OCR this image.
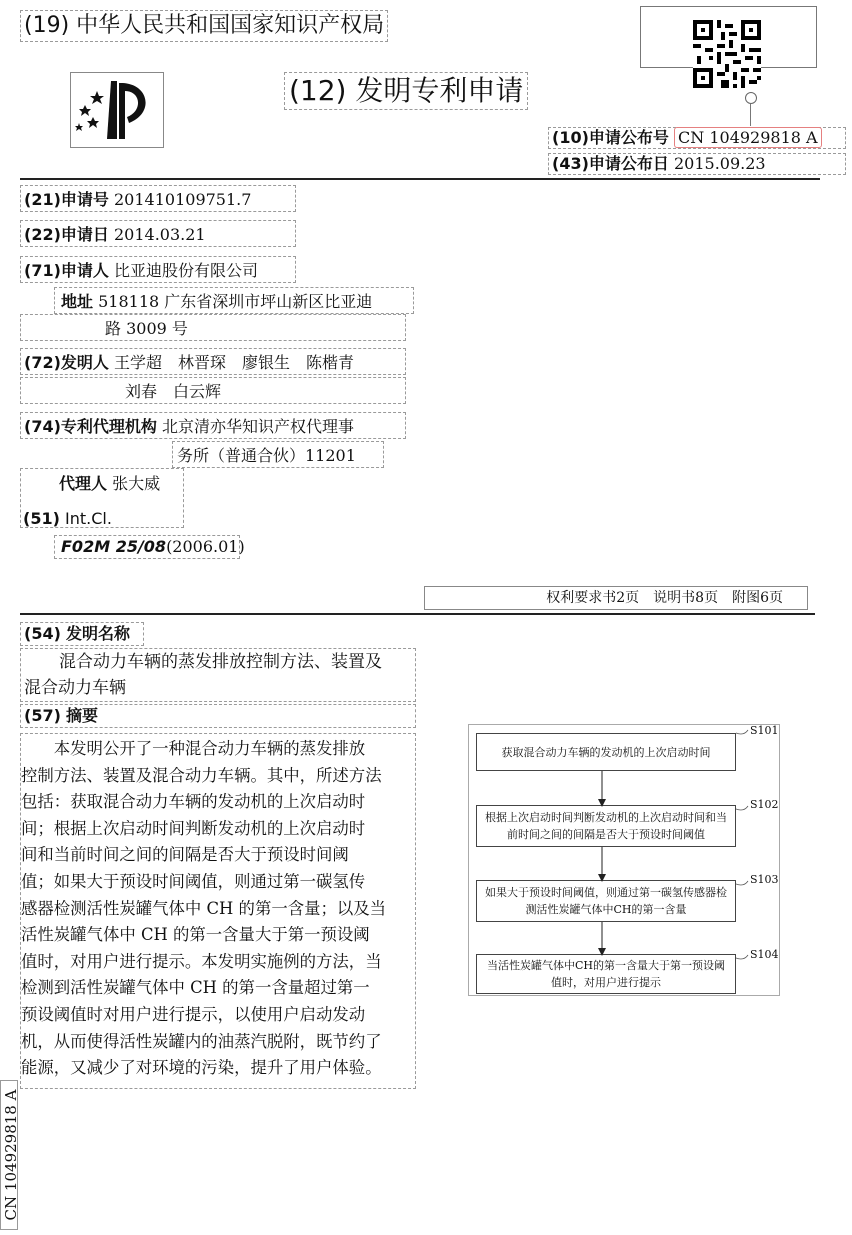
(19) 中华人民共和国国家知识产权局
(12) 发明专利申请
(10)申请公布号 CN 104929818 A
(43)申请公布日 2015.09.23
(21)申请号 201410109751.7
(22)申请日 2014.03.21
(71)申请人 比亚迪股份有限公司
地址 518118 广东省深圳市坪山新区比亚迪
路 3009 号
(72)发明人 王学超　林晋琛　廖银生　陈楷青
刘春　白云辉
(74)专利代理机构 北京清亦华知识产权代理事
务所（普通合伙）11201
代理人 张大威
(51) Int.Cl.
F02M 25/08(2006.01)
权利要求书2页　说明书8页　附图6页
(54) 发明名称
混合动力车辆的蒸发排放控制方法、装置及
混合动力车辆
(57) 摘要
　　本发明公开了一种混合动力车辆的蒸发排放
控制方法、装置及混合动力车辆。其中，所述方法
包括：获取混合动力车辆的发动机的上次启动时
间；根据上次启动时间判断发动机的上次启动时
间和当前时间之间的间隔是否大于预设时间阈
值；如果大于预设时间阈值，则通过第一碳氢传
感器检测活性炭罐气体中 CH 的第一含量；以及当
活性炭罐气体中 CH 的第一含量大于第一预设阈
值时，对用户进行提示。本发明实施例的方法，当
检测到活性炭罐气体中 CH 的第一含量超过第一
预设阈值时对用户进行提示，以使用户启动发动
机，从而使得活性炭罐内的油蒸汽脱附，既节约了
能源，又减少了对环境的污染，提升了用户体验。
获取混合动力车辆的发动机的上次启动时间
S101
根据上次启动时间判断发动机的上次启动时间和当前时间之间的间隔是否大于预设时间阈值
S102
如果大于预设时间阈值，则通过第一碳氢传感器检测活性炭罐气体中CH的第一含量
S103
当活性炭罐气体中CH的第一含量大于第一预设阈值时，对用户进行提示
S104
CN 104929818 A
